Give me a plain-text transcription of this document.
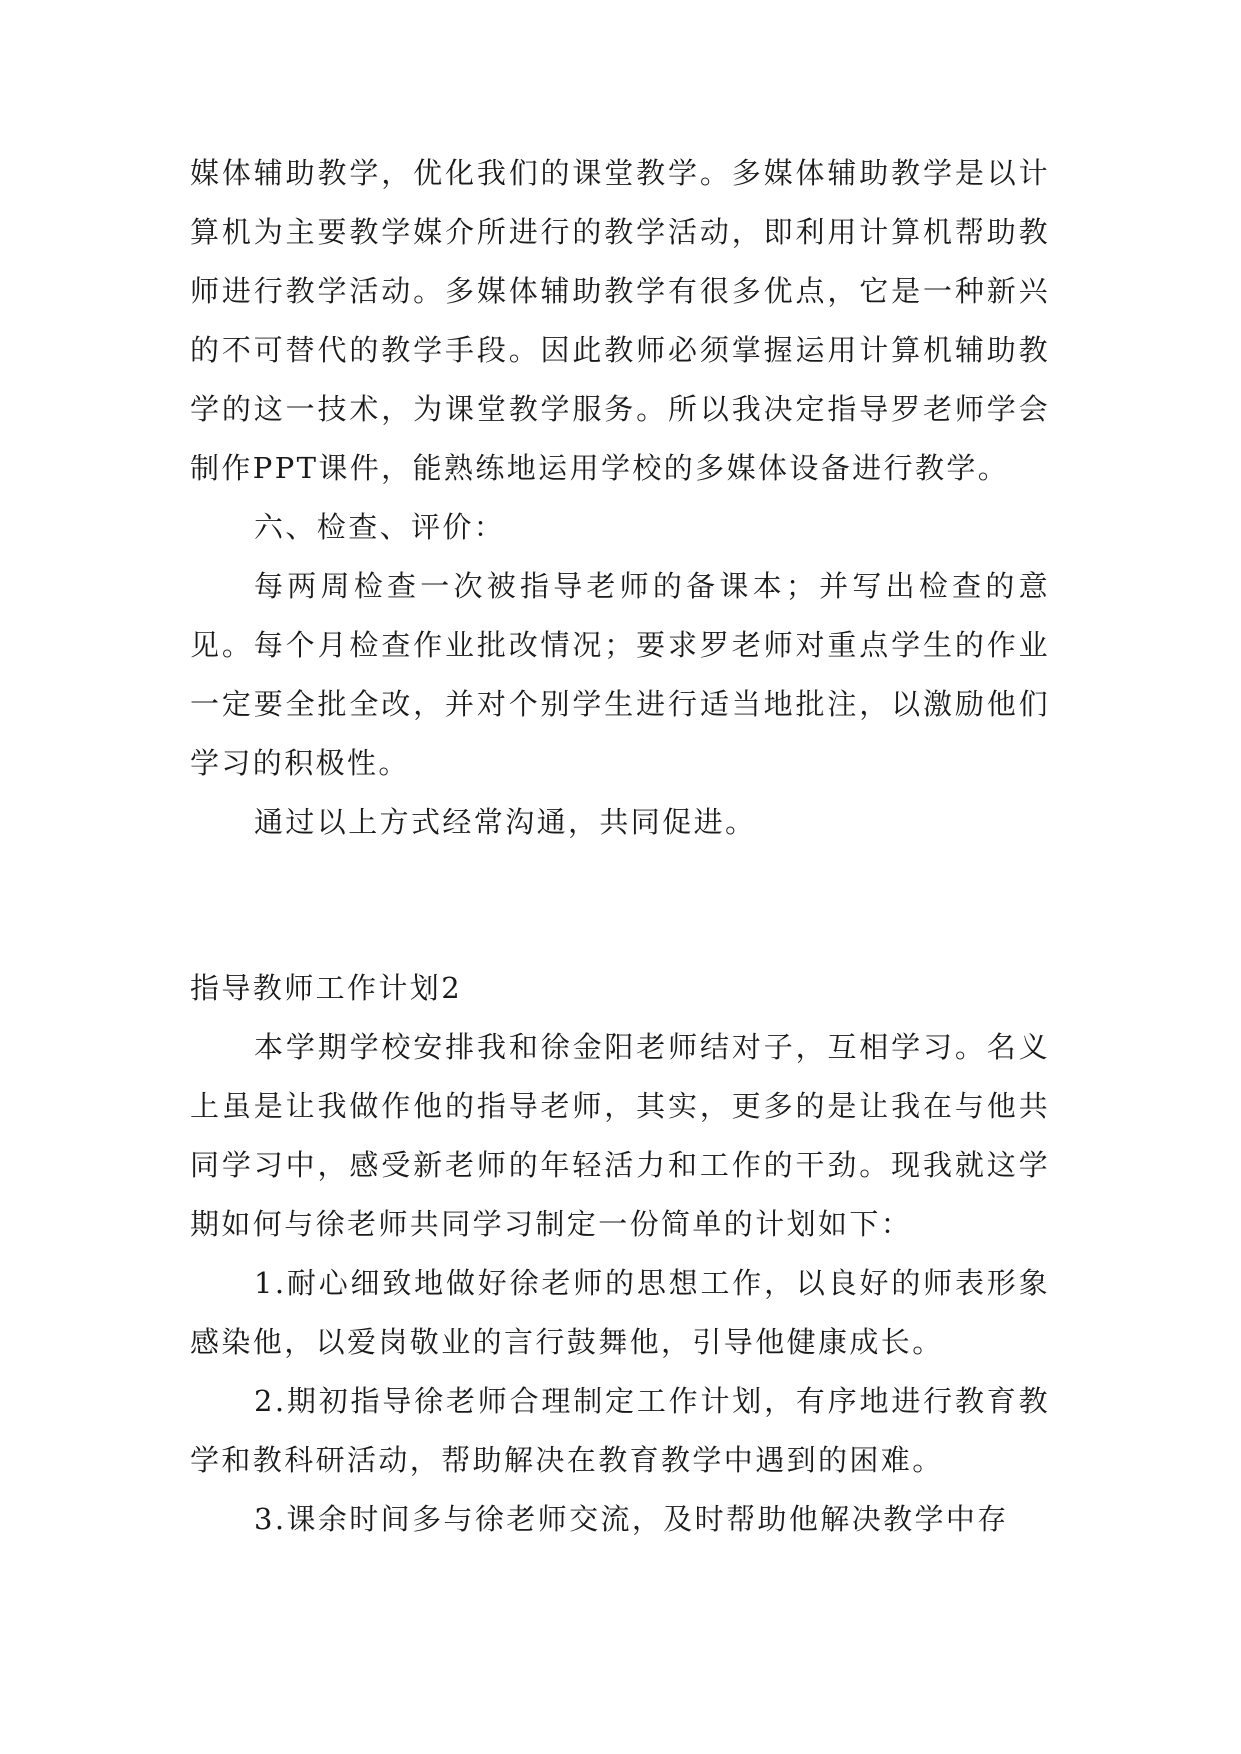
媒体辅助教学，优化我们的课堂教学。多媒体辅助教学是以计算机为主要教学媒介所进行的教学活动，即利用计算机帮助教师进行教学活动。多媒体辅助教学有很多优点，它是一种新兴的不可替代的教学手段。因此教师必须掌握运用计算机辅助教学的这一技术，为课堂教学服务。所以我决定指导罗老师学会制作PPT课件，能熟练地运用学校的多媒体设备进行教学。

六、检查、评价：

每两周检查一次被指导老师的备课本；并写出检查的意见。每个月检查作业批改情况；要求罗老师对重点学生的作业一定要全批全改，并对个别学生进行适当地批注，以激励他们学习的积极性。

通过以上方式经常沟通，共同促进。

指导教师工作计划2

本学期学校安排我和徐金阳老师结对子，互相学习。名义上虽是让我做作他的指导老师，其实，更多的是让我在与他共同学习中，感受新老师的年轻活力和工作的干劲。现我就这学期如何与徐老师共同学习制定一份简单的计划如下：

1.耐心细致地做好徐老师的思想工作，以良好的师表形象感染他，以爱岗敬业的言行鼓舞他，引导他健康成长。

2.期初指导徐老师合理制定工作计划，有序地进行教育教学和教科研活动，帮助解决在教育教学中遇到的困难。

3.课余时间多与徐老师交流，及时帮助他解决教学中存
